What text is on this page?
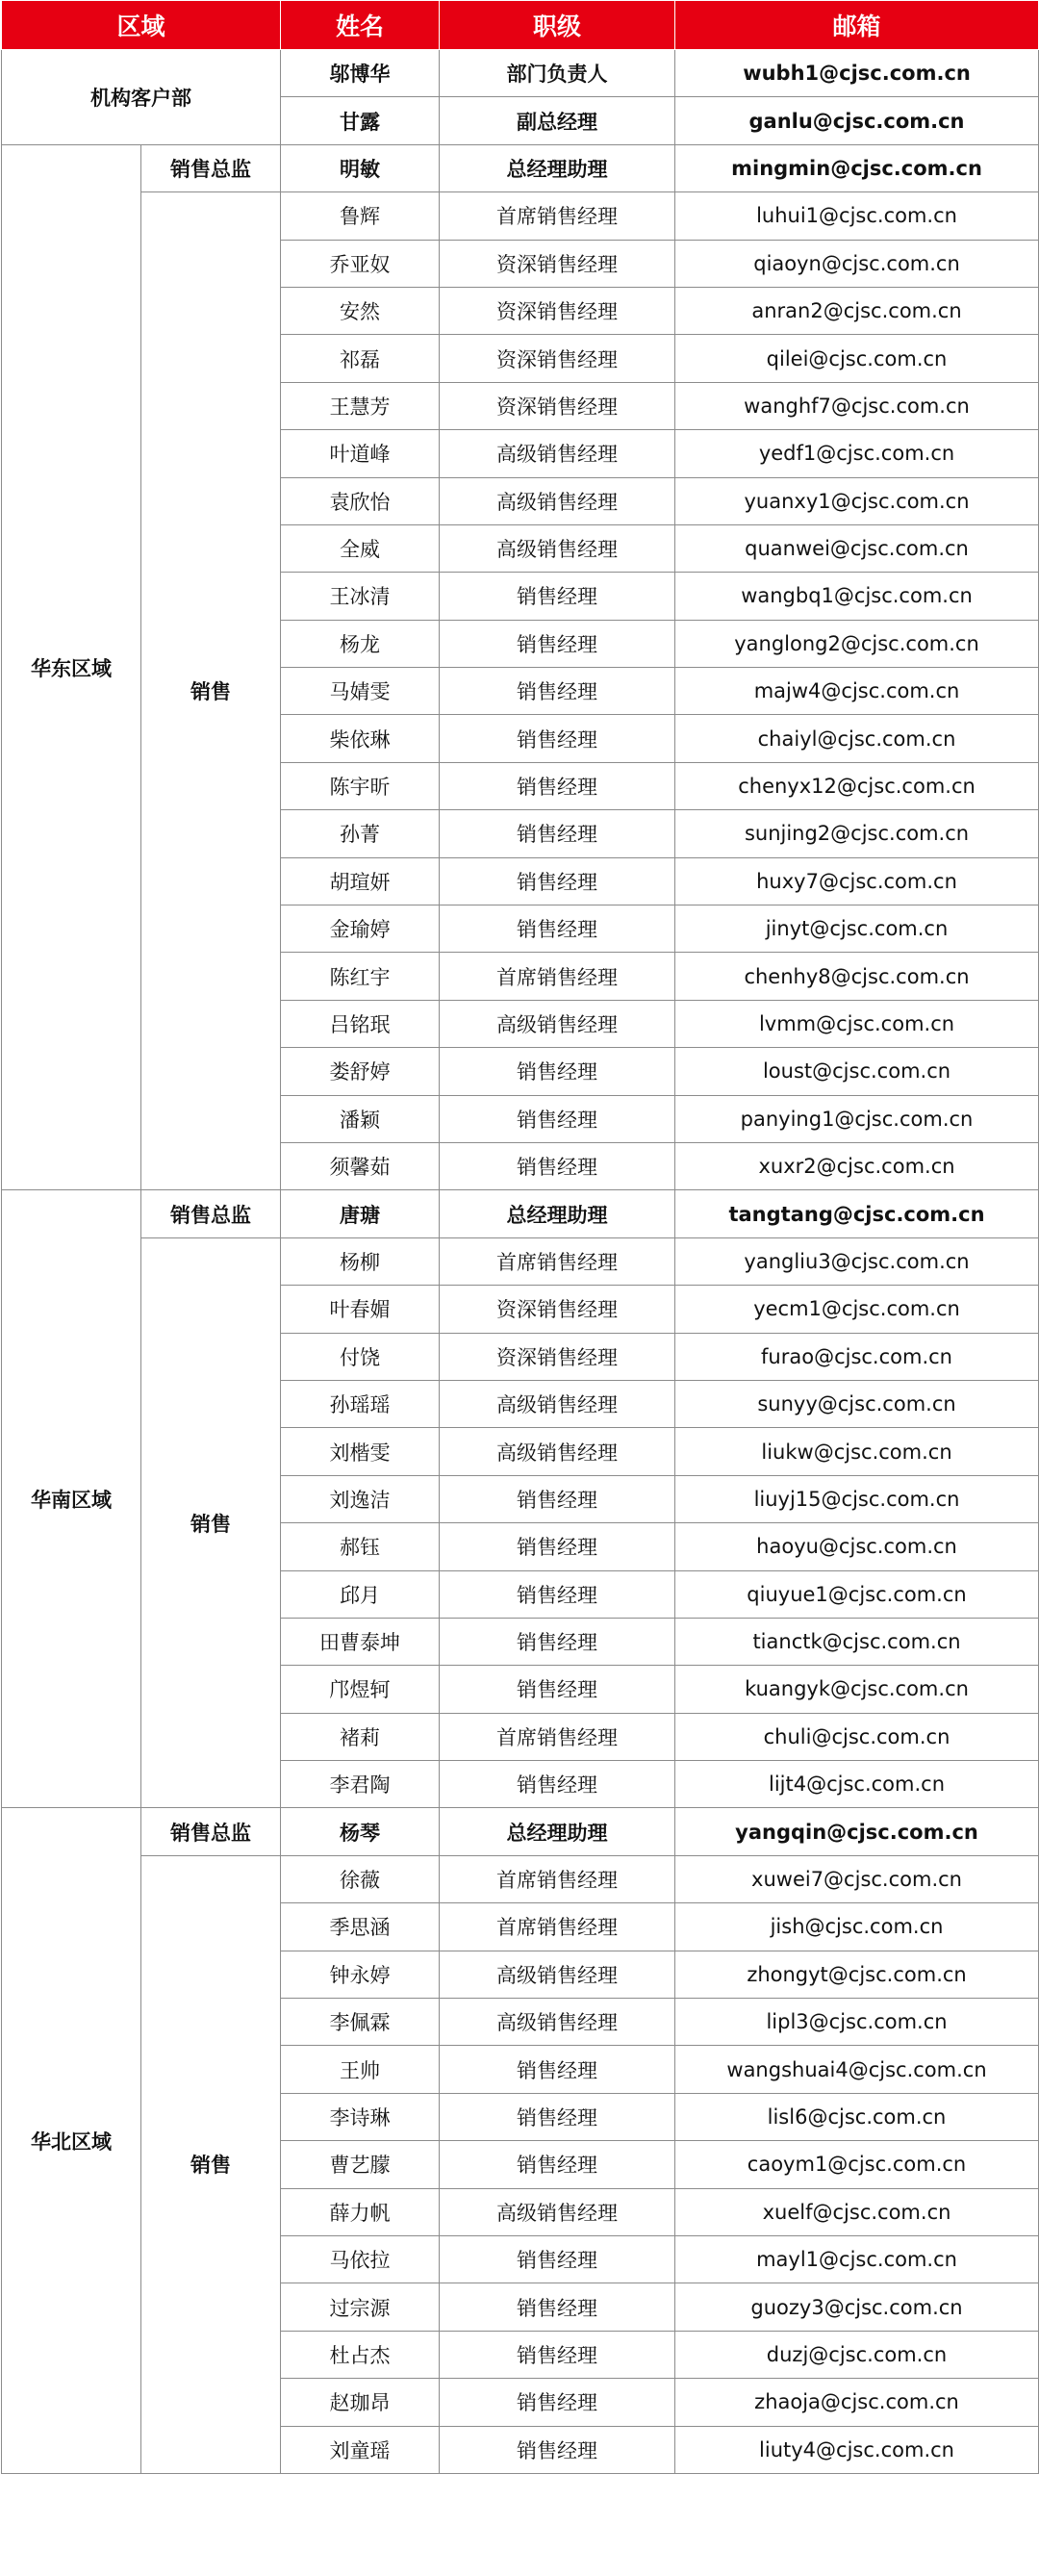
区域		姓名	职级	邮箱
机构客户部		邬博华	部门负责人	wubh1@cjsc.com.cn
		甘露	副总经理	ganlu@cjsc.com.cn
华东区域	销售总监	明敏	总经理助理	mingmin@cjsc.com.cn
	销售	鲁辉	首席销售经理	luhui1@cjsc.com.cn
		乔亚奴	资深销售经理	qiaoyn@cjsc.com.cn
		安然	资深销售经理	anran2@cjsc.com.cn
		祁磊	资深销售经理	qilei@cjsc.com.cn
		王慧芳	资深销售经理	wanghf7@cjsc.com.cn
		叶道峰	高级销售经理	yedf1@cjsc.com.cn
		袁欣怡	高级销售经理	yuanxy1@cjsc.com.cn
		全威	高级销售经理	quanwei@cjsc.com.cn
		王冰清	销售经理	wangbq1@cjsc.com.cn
		杨龙	销售经理	yanglong2@cjsc.com.cn
		马婧雯	销售经理	majw4@cjsc.com.cn
		柴依琳	销售经理	chaiyl@cjsc.com.cn
		陈宇昕	销售经理	chenyx12@cjsc.com.cn
		孙菁	销售经理	sunjing2@cjsc.com.cn
		胡瑄妍	销售经理	huxy7@cjsc.com.cn
		金瑜婷	销售经理	jinyt@cjsc.com.cn
		陈红宇	首席销售经理	chenhy8@cjsc.com.cn
		吕铭珉	高级销售经理	lvmm@cjsc.com.cn
		娄舒婷	销售经理	loust@cjsc.com.cn
		潘颖	销售经理	panying1@cjsc.com.cn
		须馨茹	销售经理	xuxr2@cjsc.com.cn
华南区域	销售总监	唐瑭	总经理助理	tangtang@cjsc.com.cn
	销售	杨柳	首席销售经理	yangliu3@cjsc.com.cn
		叶春媚	资深销售经理	yecm1@cjsc.com.cn
		付饶	资深销售经理	furao@cjsc.com.cn
		孙瑶瑶	高级销售经理	sunyy@cjsc.com.cn
		刘楷雯	高级销售经理	liukw@cjsc.com.cn
		刘逸洁	销售经理	liuyj15@cjsc.com.cn
		郝钰	销售经理	haoyu@cjsc.com.cn
		邱月	销售经理	qiuyue1@cjsc.com.cn
		田曹泰坤	销售经理	tianctk@cjsc.com.cn
		邝煜轲	销售经理	kuangyk@cjsc.com.cn
		褚莉	首席销售经理	chuli@cjsc.com.cn
		李君陶	销售经理	lijt4@cjsc.com.cn
华北区域	销售总监	杨琴	总经理助理	yangqin@cjsc.com.cn
	销售	徐薇	首席销售经理	xuwei7@cjsc.com.cn
		季思涵	首席销售经理	jish@cjsc.com.cn
		钟永婷	高级销售经理	zhongyt@cjsc.com.cn
		李佩霖	高级销售经理	lipl3@cjsc.com.cn
		王帅	销售经理	wangshuai4@cjsc.com.cn
		李诗琳	销售经理	lisl6@cjsc.com.cn
		曹艺朦	销售经理	caoym1@cjsc.com.cn
		薛力帆	高级销售经理	xuelf@cjsc.com.cn
		马依拉	销售经理	mayl1@cjsc.com.cn
		过宗源	销售经理	guozy3@cjsc.com.cn
		杜占杰	销售经理	duzj@cjsc.com.cn
		赵珈昂	销售经理	zhaoja@cjsc.com.cn
		刘童瑶	销售经理	liuty4@cjsc.com.cn
